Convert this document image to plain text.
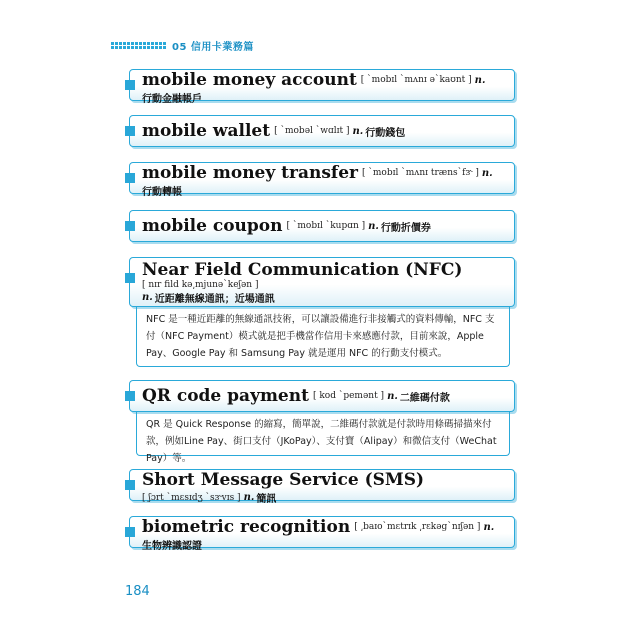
05 信用卡業務篇
mobile money account [ ˋmobɪl ˋmʌnɪ əˋkaʊnt ] n.
行動金融帳戶
mobile wallet [ ˋmobəl ˋwɑlɪt ] n. 行動錢包
mobile money transfer [ ˋmobɪl ˋmʌnɪ trænsˋfɝ ] n.
行動轉帳
mobile coupon [ ˋmobɪl ˋkupɑn ] n. 行動折價券
Near Field Communication (NFC)
[ nɪr fild kə͵mjunəˋkeʃən ]
n. 近距離無線通訊；近場通訊

NFC 是一種近距離的無線通訊技術，可以讓設備進行非接觸式的資料傳輸，NFC 支付（NFC Payment）模式就是把手機當作信用卡來感應付款，目前來說，Apple Pay、Google Pay 和 Samsung Pay 就是運用 NFC 的行動支付模式。

QR code payment [ kod ˋpemənt ] n. 二維碼付款

QR 是 Quick Response 的縮寫，簡單說，二維碼付款就是付款時用條碼掃描來付款，例如Line Pay、街口支付（JKoPay）、支付寶（Alipay）和微信支付（WeChat Pay）等。

Short Message Service (SMS)
[ ʃɔrt ˋmɛsɪdʒ ˋsɝvɪs ] n. 簡訊
biometric recognition [ ͵baɪoˋmɛtrɪk ͵rɛkəgˋnɪʃən ] n.
生物辨識認證
184
